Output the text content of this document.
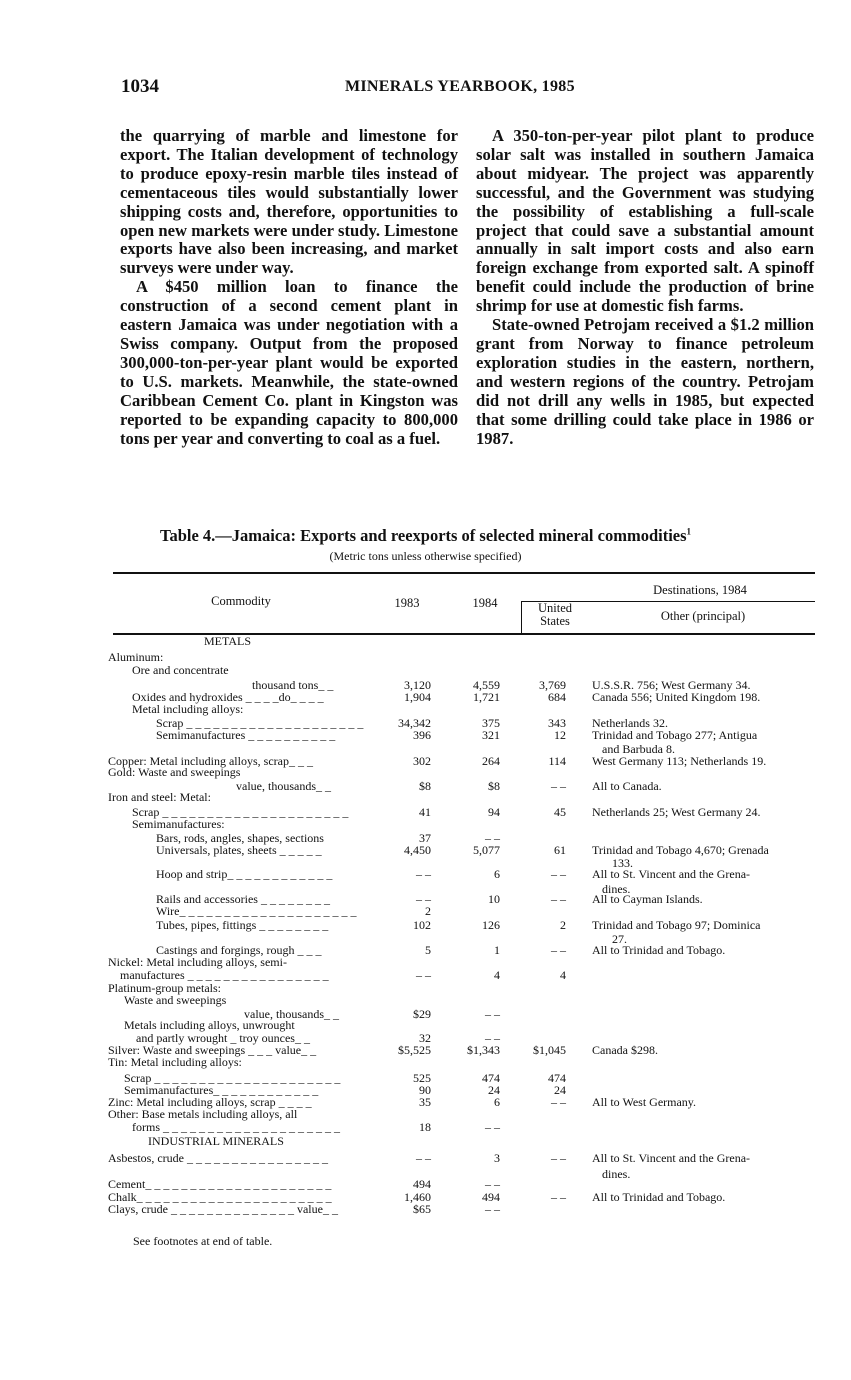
1034	MINERALS YEARBOOK, 1985

the quarrying of marble and limestone for export. The Italian development of technology to produce epoxy-resin marble tiles instead of cementaceous tiles would substantially lower shipping costs and, therefore, opportunities to open new markets were under study. Limestone exports have also been increasing, and market surveys were under way.

A $450 million loan to finance the construction of a second cement plant in eastern Jamaica was under negotiation with a Swiss company. Output from the proposed 300,000-ton-per-year plant would be exported to U.S. markets. Meanwhile, the state-owned Caribbean Cement Co. plant in Kingston was reported to be expanding capacity to 800,000 tons per year and converting to coal as a fuel.

A 350-ton-per-year pilot plant to produce solar salt was installed in southern Jamaica about midyear. The project was apparently successful, and the Government was studying the possibility of establishing a full-scale project that could save a substantial amount annually in salt import costs and also earn foreign exchange from exported salt. A spinoff benefit could include the production of brine shrimp for use at domestic fish farms.

State-owned Petrojam received a $1.2 million grant from Norway to finance petroleum exploration studies in the eastern, northern, and western regions of the country. Petrojam did not drill any wells in 1985, but expected that some drilling could take place in 1986 or 1987.

Table 4.—Jamaica: Exports and reexports of selected mineral commodities$^1$
(Metric tons unless otherwise specified)
Commodity	1983	1984
Destinations, 1984
United States	Other (principal)
METALS
Aluminum:
Ore and concentrate
thousand tons_ _	3,120	4,559	3,769 U.S.S.R. 756; West Germany 34.
Oxides and hydroxides _ _ _ _do_ _ _ _	1,904	1,721	684 Canada 556; United Kingdom 198.
Metal including alloys:
Scrap _ _ _ _ _ _ _ _ _ _ _ _ _ _ _ _ _ _ _ _	34,342	375	343 Netherlands 32.
Semimanufactures _ _ _ _ _ _ _ _ _ _	396	321	12 Trinidad and Tobago 277; Antigua
and Barbuda 8.
Copper: Metal including alloys, scrap_ _ _	302	264	114 West Germany 113; Netherlands 19.
Gold: Waste and sweepings
value, thousands_ _	$8	$8	– – All to Canada.
Iron and steel: Metal:
Scrap _ _ _ _ _ _ _ _ _ _ _ _ _ _ _ _ _ _ _ _ _	41	94	45 Netherlands 25; West Germany 24.
Semimanufactures:
Bars, rods, angles, shapes, sections	37	– –
Universals, plates, sheets _ _ _ _ _	4,450	5,077	61 Trinidad and Tobago 4,670; Grenada
133.
Hoop and strip_ _ _ _ _ _ _ _ _ _ _ _	– –	6	– – All to St. Vincent and the Grena-
dines.
Rails and accessories _ _ _ _ _ _ _ _	– –	10	– – All to Cayman Islands.
Wire_ _ _ _ _ _ _ _ _ _ _ _ _ _ _ _ _ _ _ _	2
Tubes, pipes, fittings _ _ _ _ _ _ _ _	102	126	2 Trinidad and Tobago 97; Dominica
27.
Castings and forgings, rough _ _ _	5	1	– – All to Trinidad and Tobago.
Nickel: Metal including alloys, semi-
manufactures _ _ _ _ _ _ _ _ _ _ _ _ _ _ _ _	– –	4	4
Platinum-group metals:
Waste and sweepings
value, thousands_ _	$29	– –
Metals including alloys, unwrought
and partly wrought _ troy ounces_ _	32	– –
Silver: Waste and sweepings _ _ _ value_ _	$5,525	$1,343	$1,045 Canada $298.
Tin: Metal including alloys:
Scrap _ _ _ _ _ _ _ _ _ _ _ _ _ _ _ _ _ _ _ _ _	525	474	474
Semimanufactures_ _ _ _ _ _ _ _ _ _ _ _	90	24	24
Zinc: Metal including alloys, scrap _ _ _ _	35	6	– – All to West Germany.
Other: Base metals including alloys, all
forms _ _ _ _ _ _ _ _ _ _ _ _ _ _ _ _ _ _ _ _	18	– –
INDUSTRIAL MINERALS
Asbestos, crude _ _ _ _ _ _ _ _ _ _ _ _ _ _ _ _	– –	3	– – All to St. Vincent and the Grena-
dines.
Cement_ _ _ _ _ _ _ _ _ _ _ _ _ _ _ _ _ _ _ _ _	494	– –
Chalk_ _ _ _ _ _ _ _ _ _ _ _ _ _ _ _ _ _ _ _ _ _	1,460	494	– – All to Trinidad and Tobago.
Clays, crude _ _ _ _ _ _ _ _ _ _ _ _ _ _ value_ _	$65	– –
See footnotes at end of table.
